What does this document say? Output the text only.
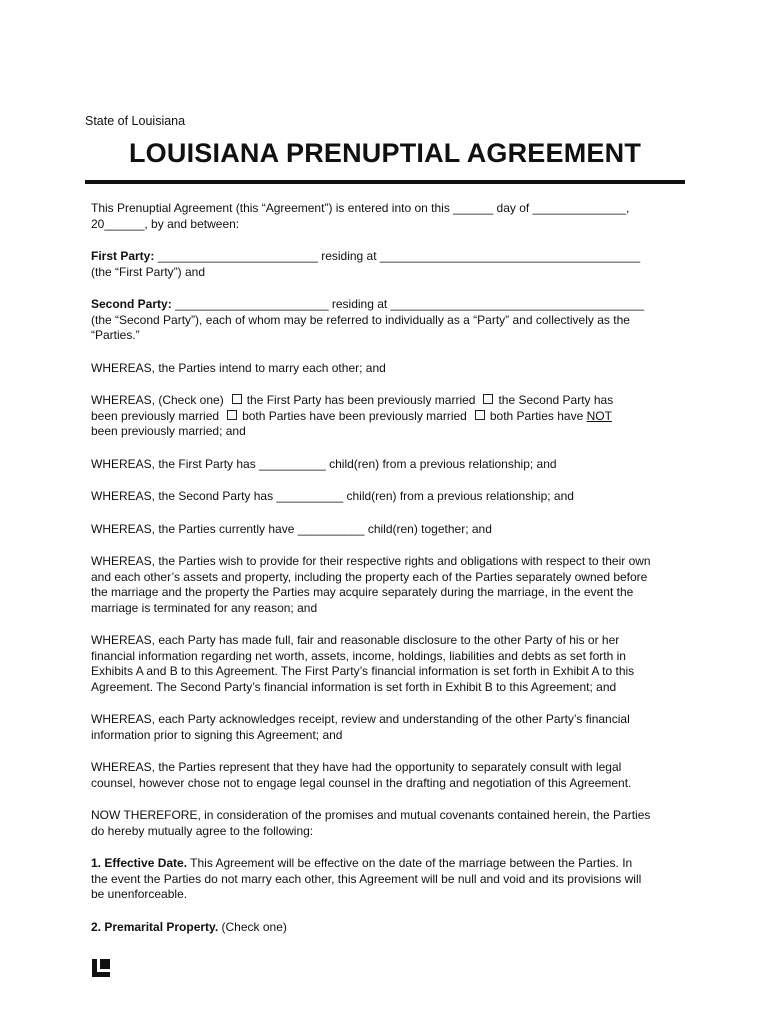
State of Louisiana
LOUISIANA PRENUPTIAL AGREEMENT

This Prenuptial Agreement (this “Agreement”) is entered into on this ______ day of ______________,

20______, by and between:

First Party: ________________________ residing at _______________________________________

(the “First Party”) and

Second Party: _______________________ residing at ______________________________________

(the “Second Party”), each of whom may be referred to individually as a “Party” and collectively as the

“Parties.”

WHEREAS, the Parties intend to marry each other; and

WHEREAS, (Check one) the First Party has been previously married the Second Party has

been previously married both Parties have been previously married both Parties have NOT

been previously married; and

WHEREAS, the First Party has __________ child(ren) from a previous relationship; and

WHEREAS, the Second Party has __________ child(ren) from a previous relationship; and

WHEREAS, the Parties currently have __________ child(ren) together; and

WHEREAS, the Parties wish to provide for their respective rights and obligations with respect to their own

and each other’s assets and property, including the property each of the Parties separately owned before

the marriage and the property the Parties may acquire separately during the marriage, in the event the

marriage is terminated for any reason; and

WHEREAS, each Party has made full, fair and reasonable disclosure to the other Party of his or her

financial information regarding net worth, assets, income, holdings, liabilities and debts as set forth in

Exhibits A and B to this Agreement. The First Party’s financial information is set forth in Exhibit A to this

Agreement. The Second Party’s financial information is set forth in Exhibit B to this Agreement; and

WHEREAS, each Party acknowledges receipt, review and understanding of the other Party’s financial

information prior to signing this Agreement; and

WHEREAS, the Parties represent that they have had the opportunity to separately consult with legal

counsel, however chose not to engage legal counsel in the drafting and negotiation of this Agreement.

NOW THEREFORE, in consideration of the promises and mutual covenants contained herein, the Parties

do hereby mutually agree to the following:

1. Effective Date. This Agreement will be effective on the date of the marriage between the Parties. In

the event the Parties do not marry each other, this Agreement will be null and void and its provisions will

be unenforceable.

2. Premarital Property. (Check one)
